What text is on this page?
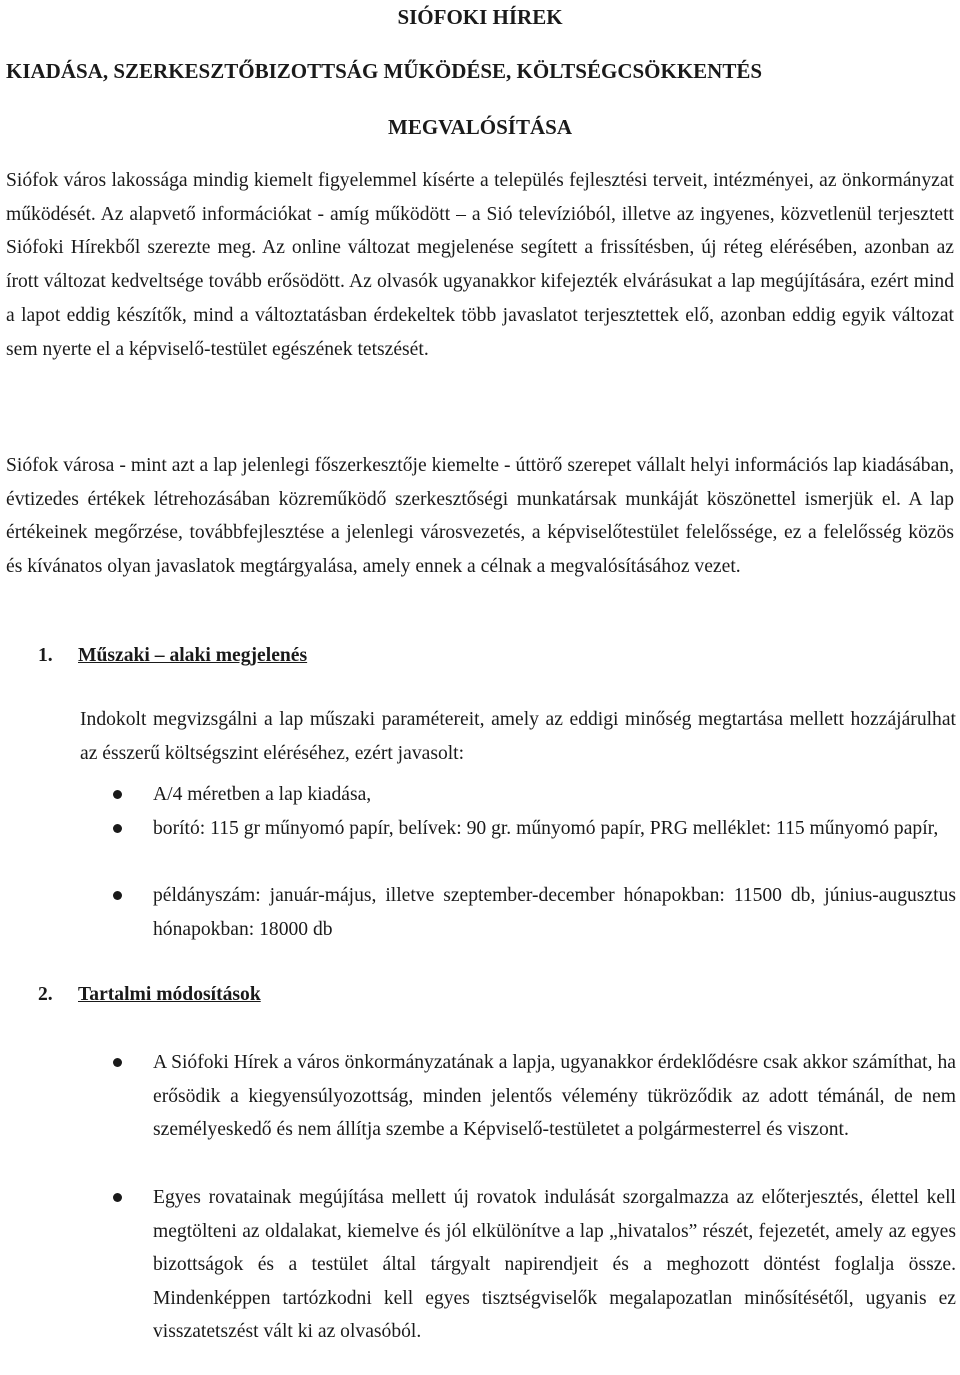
SIÓFOKI HÍREK
KIADÁSA, SZERKESZTŐBIZOTTSÁG MŰKÖDÉSE, KÖLTSÉGCSÖKKENTÉS
MEGVALÓSÍTÁSA

Siófok város lakossága mindig kiemelt figyelemmel kísérte a település fejlesztési terveit, intézményei, az önkormányzat működését. Az alapvető információkat - amíg működött – a Sió televízióból, illetve az ingyenes, közvetlenül terjesztett Siófoki Hírekből szerezte meg. Az online változat megjelenése segített a frissítésben, új réteg elérésében, azonban az írott változat kedveltsége tovább erősödött. Az olvasók ugyanakkor kifejezték elvárásukat a lap megújítására, ezért mind a lapot eddig készítők, mind a változtatásban érdekeltek több javaslatot terjesztettek elő, azonban eddig egyik változat sem nyerte el a képviselő-testület egészének tetszését.

Siófok városa - mint azt a lap jelenlegi főszerkesztője kiemelte - úttörő szerepet vállalt helyi információs lap kiadásában, évtizedes értékek létrehozásában közreműködő szerkesztőségi munkatársak munkáját köszönettel ismerjük el. A lap értékeinek megőrzése, továbbfejlesztése a jelenlegi városvezetés, a képviselőtestület felelőssége, ez a felelősség közös és kívánatos olyan javaslatok megtárgyalása, amely ennek a célnak a megvalósításához vezet.

1. Műszaki – alaki megjelenés

Indokolt megvizsgálni a lap műszaki paramétereit, amely az eddigi minőség megtartása mellett hozzájárulhat az ésszerű költségszint eléréséhez, ezért javasolt:

A/4 méretben a lap kiadása,

borító: 115 gr műnyomó papír, belívek: 90 gr. műnyomó papír, PRG melléklet: 115 műnyomó papír,

példányszám: január-május, illetve szeptember-december hónapokban: 11500 db, június-augusztus hónapokban: 18000 db

2. Tartalmi módosítások

A Siófoki Hírek a város önkormányzatának a lapja, ugyanakkor érdeklődésre csak akkor számíthat, ha erősödik a kiegyensúlyozottság, minden jelentős vélemény tükröződik az adott témánál, de nem személyeskedő és nem állítja szembe a Képviselő-testületet a polgármesterrel és viszont.

Egyes rovatainak megújítása mellett új rovatok indulását szorgalmazza az előterjesztés, élettel kell megtölteni az oldalakat, kiemelve és jól elkülönítve a lap „hivatalos” részét, fejezetét, amely az egyes bizottságok és a testület által tárgyalt napirendjeit és a meghozott döntést foglalja össze. Mindenképpen tartózkodni kell egyes tisztségviselők megalapozatlan minősítésétől, ugyanis ez visszatetszést vált ki az olvasóból.
